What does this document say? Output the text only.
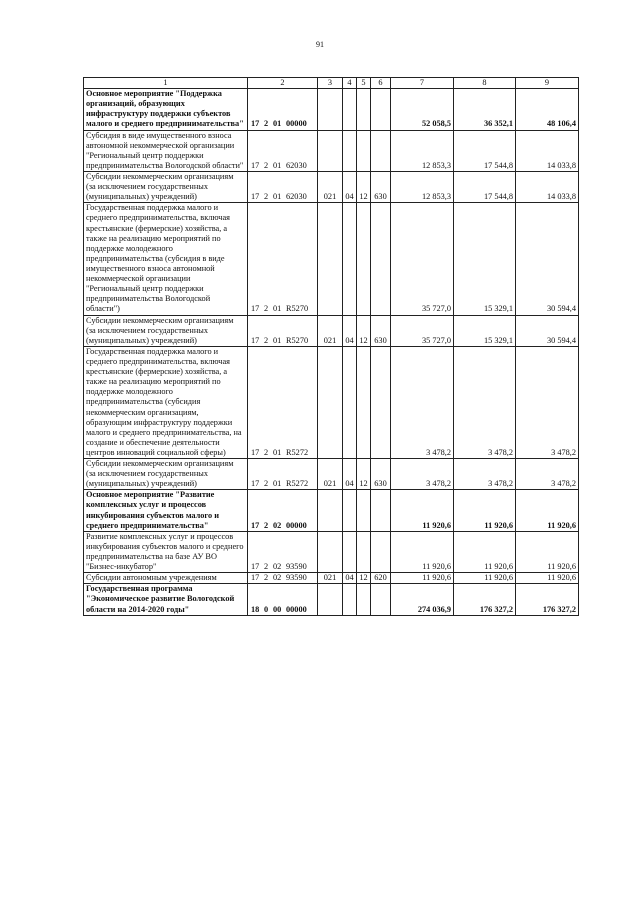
91
1	2	3	4	5	6	7	8	9
Основное мероприятие "Поддержка организаций, образующих инфраструктуру поддержки субъектов малого и среднего предпринимательства"	17 2 01 00000					52 058,5	36 352,1	48 106,4
Субсидия в виде имущественного взноса автономной некоммерческой организации "Региональный центр поддержки предпринимательства Вологодской области"	17 2 01 62030					12 853,3	17 544,8	14 033,8
Субсидии некоммерческим организациям (за исключением государственных (муниципальных) учреждений)	17 2 01 62030	021	04	12	630	12 853,3	17 544,8	14 033,8
Государственная поддержка малого и среднего предпринимательства, включая крестьянские (фермерские) хозяйства, а также на реализацию мероприятий по поддержке молодежного предпринимательства (субсидия в виде имущественного взноса автономной некоммерческой организации "Региональный центр поддержки предпринимательства Вологодской области")	17 2 01 R5270					35 727,0	15 329,1	30 594,4
Субсидии некоммерческим организациям (за исключением государственных (муниципальных) учреждений)	17 2 01 R5270	021	04	12	630	35 727,0	15 329,1	30 594,4
Государственная поддержка малого и среднего предпринимательства, включая крестьянские (фермерские) хозяйства, а также на реализацию мероприятий по поддержке молодежного предпринимательства (субсидия некоммерческим организациям, образующим инфраструктуру поддержки малого и среднего предпринимательства, на создание и обеспечение деятельности центров инноваций социальной сферы)	17 2 01 R5272					3 478,2	3 478,2	3 478,2
Субсидии некоммерческим организациям (за исключением государственных (муниципальных) учреждений)	17 2 01 R5272	021	04	12	630	3 478,2	3 478,2	3 478,2
Основное мероприятие "Развитие комплексных услуг и процессов инкубирования субъектов малого и среднего предпринимательства"	17 2 02 00000					11 920,6	11 920,6	11 920,6
Развитие комплексных услуг и процессов инкубирования субъектов малого и среднего предпринимательства на базе АУ ВО "Бизнес-инкубатор"	17 2 02 93590					11 920,6	11 920,6	11 920,6
Субсидии автономным учреждениям	17 2 02 93590	021	04	12	620	11 920,6	11 920,6	11 920,6
Государственная программа "Экономическое развитие Вологодской области на 2014-2020 годы"	18 0 00 00000					274 036,9	176 327,2	176 327,2
